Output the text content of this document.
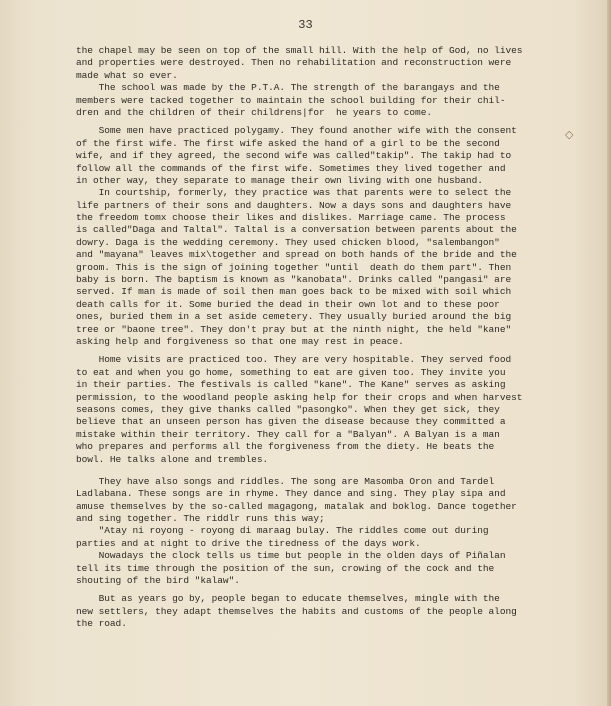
33
◇
the chapel may be seen on top of the small hill. With the help of God, no lives
and properties were destroyed. Then no rehabilitation and reconstruction were
made what so ever.
The school was made by the P.T.A. The strength of the barangays and the
members were tacked together to maintain the school building for their chil-
dren and the children of their childrens|for  he years to come.
Some men have practiced polygamy. They found another wife with the consent
of the first wife. The first wife asked the hand of a girl to be the second
wife, and if they agreed, the second wife was called"takip". The takip had to
follow all the commands of the first wife. Sometimes they lived together and
in other way, they separate to manage their own living with one husband.
In courtship, formerly, they practice was that parents were to select the
life partners of their sons and daughters. Now a days sons and daughters have
the freedom tomx choose their likes and dislikes. Marriage came. The process
is called"Daga and Taltal". Taltal is a conversation between parents about the
dowry. Daga is the wedding ceremony. They used chicken blood, "salembangon"
and "mayana" leaves mix\together and spread on both hands of the bride and the
groom. This is the sign of joining together "until  death do them part". Then
baby is born. The baptism is known as "kanobata". Drinks called "pangasi" are
served. If man is made of soil then man goes back to be mixed with soil which
death calls for it. Some buried the dead in their own lot and to these poor
ones, buried them in a set aside cemetery. They usually buried around the big
tree or "baone tree". They don't pray but at the ninth night, the held "kane"
asking help and forgiveness so that one may rest in peace.
Home visits are practiced too. They are very hospitable. They served food
to eat and when you go home, something to eat are given too. They invite you
in their parties. The festivals is called "kane". The Kane" serves as asking
permission, to the woodland people asking help for their crops and when harvest
seasons comes, they give thanks called "pasongko". When they get sick, they
believe that an unseen person has given the disease because they committed a
mistake within their territory. They call for a "Balyan". A Balyan is a man
who prepares and performs all the forgiveness from the diety. He beats the
bowl. He talks alone and trembles.
They have also songs and riddles. The song are Masomba Oron and Tardel
Ladlabana. These songs are in rhyme. They dance and sing. They play sipa and
amuse themselves by the so-called magagong, matalak and boklog. Dance together
and sing together. The riddlr runs this way;
"Atay ni royong - royong di maraag bulay. The riddles come out during
parties and at night to drive the tiredness of the days work.
Nowadays the clock tells us time but people in the olden days of Piñalan
tell its time through the position of the sun, crowing of the cock and the
shouting of the bird "kalaw".
But as years go by, people began to educate themselves, mingle with the
new settlers, they adapt themselves the habits and customs of the people along
the road.
